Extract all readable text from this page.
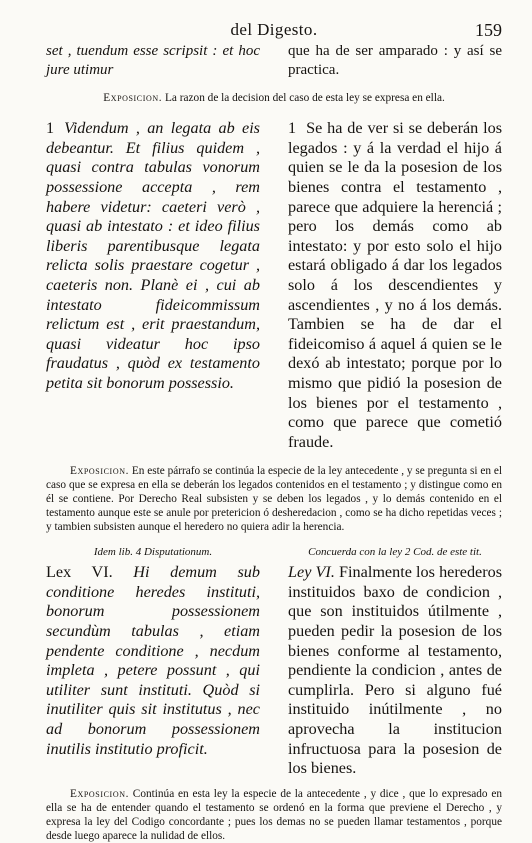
del Digesto.	159
set , tuendum esse scripsit : et hoc jure utimur
que ha de ser amparado : y así se practica.
Exposicion. La razon de la decision del caso de esta ley se expresa en ella.
1 Videndum , an legata ab eis debeantur. Et filius quidem , quasi contra tabulas vonorum possessione accepta , rem habere videtur: caeteri verò , quasi ab intestato : et ideo filius liberis parentibusque legata relicta solis praestare cogetur , caeteris non. Planè ei , cui ab intestato fideicommissum relictum est , erit praestandum, quasi videatur hoc ipso fraudatus , quòd ex testamento petita sit bonorum possessio.
1 Se ha de ver si se deberán los legados : y á la verdad el hijo á quien se le da la posesion de los bienes contra el testamento , parece que adquiere la herenciá ; pero los demás como ab intestato: y por esto solo el hijo estará obligado á dar los legados solo á los descendientes y ascendientes , y no á los demás. Tambien se ha de dar el fideicomiso á aquel á quien se le dexó ab intestato; porque por lo mismo que pidió la posesion de los bienes por el testamento , como que parece que cometió fraude.
Exposicion. En este párrafo se continúa la especie de la ley antecedente , y se pregunta si en el caso que se expresa en ella se deberán los legados contenidos en el testamento ; y distingue como en él se contiene. Por Derecho Real subsisten y se deben los legados , y lo demás contenido en el testamento aunque este se anule por pretericion ó desheredacion , como se ha dicho repetidas veces ; y tambien subsisten aunque el heredero no quiera adir la herencia.
Idem lib. 4 Disputationum.	Concuerda con la ley 2 Cod. de este tit.
Lex VI. Hi demum sub conditione heredes instituti, bonorum possessionem secundùm tabulas , etiam pendente conditione , necdum impleta , petere possunt , qui utiliter sunt instituti. Quòd si inutiliter quis sit institutus , nec ad bonorum possessionem inutilis institutio proficit.
Ley VI. Finalmente los herederos instituidos baxo de condicion , que son instituidos útilmente , pueden pedir la posesion de los bienes conforme al testamento, pendiente la condicion , antes de cumplirla. Pero si alguno fué instituido inútilmente , no aprovecha la institucion infructuosa para la posesion de los bienes.
Exposicion. Continúa en esta ley la especie de la antecedente , y dice , que lo expresado en ella se ha de entender quando el testamento se ordenó en la forma que previene el Derecho , y expresa la ley del Codigo concordante ; pues los demas no se pueden llamar testamentos , porque desde luego aparece la nulidad de ellos.
